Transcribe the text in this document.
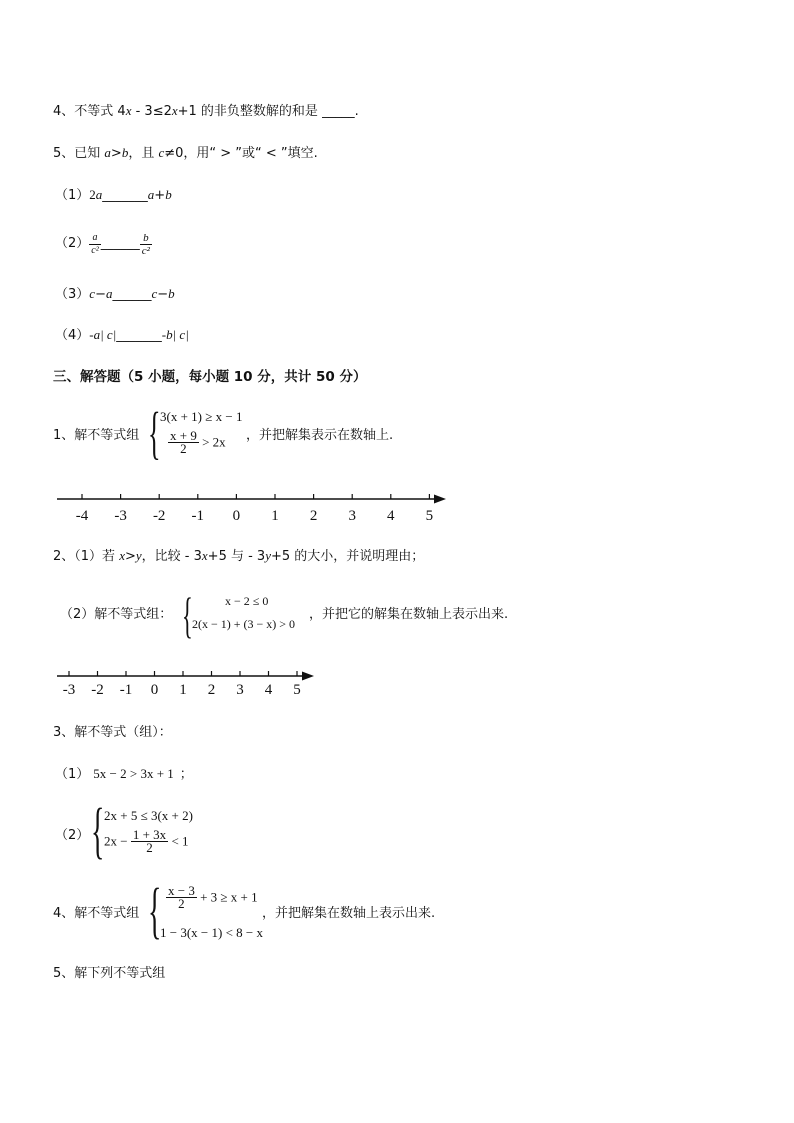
4、不等式 4x - 3≤2x+1 的非负整数解的和是 _____.
5、已知 a>b，且 c≠0，用“ > ”或“ < ”填空.
（1）2a_______a+b
$(2) \frac{a}{\text{c²}}$ ______ $\frac{b}{\text{c²}}$
（3）c−a______c−b
（4）-a| c|_______-b| c|
三、解答题（5 小题，每小题 10 分，共计 50 分）
1、解不等式组 { 3(x + 1) ≥ x − 1
$\frac{x + 9}{2} > 2x$ ，并把解集表示在数轴上.
-4 -3 -2 -1 0 1 2 3 4 5
2、（1）若 x>y，比较 - 3x+5 与 - 3y+5 的大小，并说明理由；
（2）解不等式组： {	x − 2 ≤ 0
2(x − 1) + (3 − x) > 0
，并把它的解集在数轴上表示出来.
-3 -2 -1 0 1 2 3 4 5
3、解不等式（组）：
（1） 5x − 2 > 3x + 1 ；
（2） { 2x + 5 ≤ 3(x + 2)
$2x - \frac{1 + 3x}{2} < 1$
4、解不等式组 { $\frac{x - 3}{2} + 3 \ge x + 1$
1 − 3(x − 1) < 8 − x
，并把解集在数轴上表示出来.
5、解下列不等式组
